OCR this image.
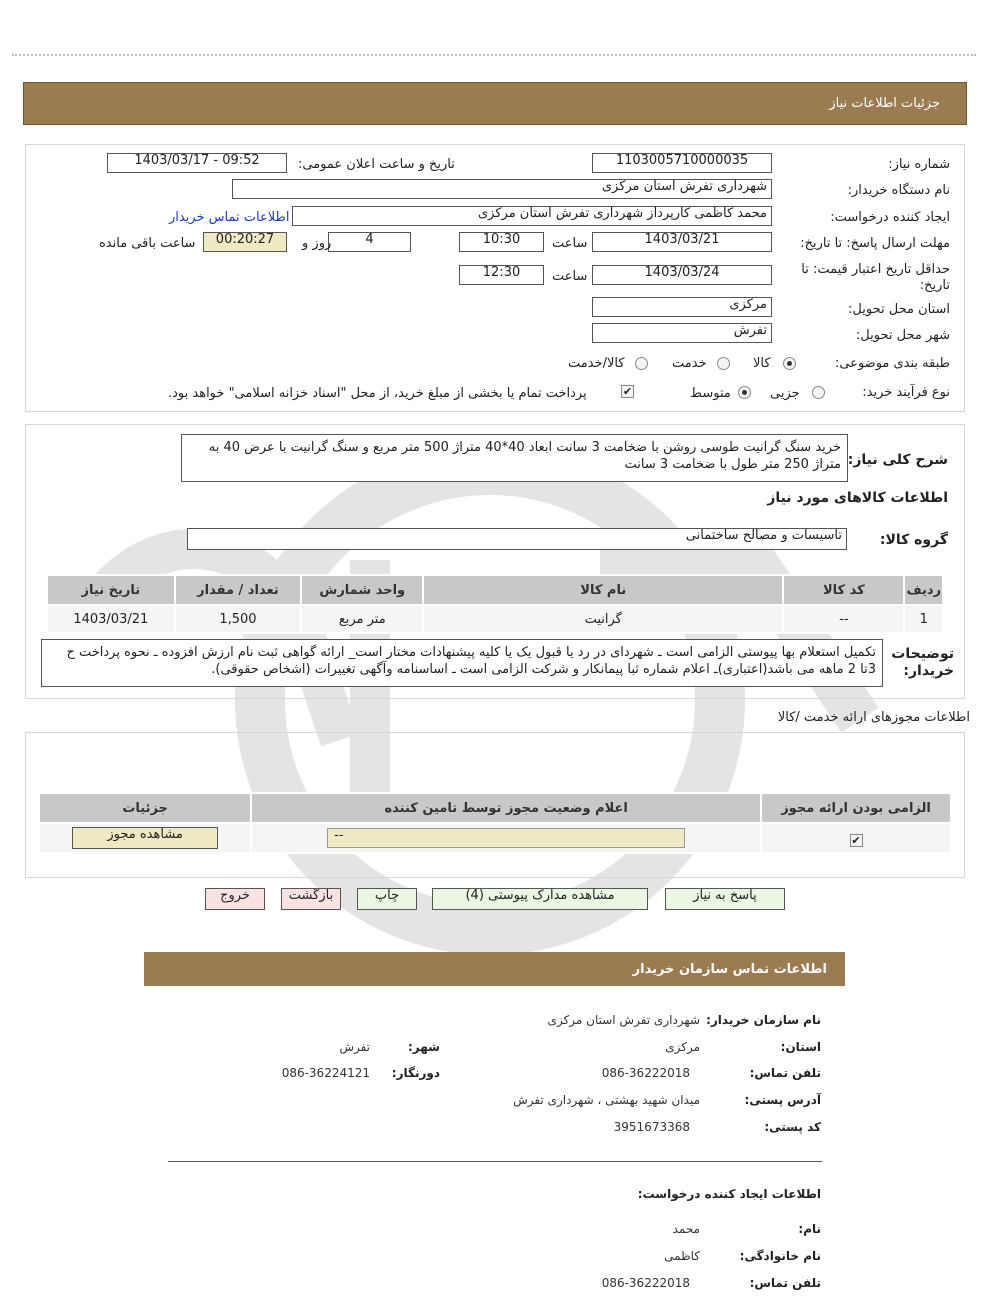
جزئیات اطلاعات نیاز
شماره نیاز:
1103005710000035
تاریخ و ساعت اعلان عمومی:
1403/03/17 - 09:52
نام دستگاه خریدار:
شهرداری تفرش استان مرکزی
ایجاد کننده درخواست:
محمد کاظمی کارپرداز شهرداری تفرش استان مرکزی
اطلاعات تماس خریدار
مهلت ارسال پاسخ: تا تاریخ:
1403/03/21
ساعت
10:30
4
روز و
00:20:27
ساعت باقی مانده
حداقل تاریخ اعتبار قیمت: تا تاریخ:
1403/03/24
ساعت
12:30
استان محل تحویل:
مرکزی
شهر محل تحویل:
تفرش
طبقه بندی موضوعی:
کالا
خدمت
کالا/خدمت
نوع فرآیند خرید:
جزیی
متوسط
✔
پرداخت تمام یا بخشی از مبلغ خرید، از محل "اسناد خزانه اسلامی" خواهد بود.
شرح کلی نیاز:
خرید سنگ گرانیت طوسی روشن با ضخامت 3 سانت ابعاد 40*40 متراژ 500 متر مربع و سنگ گرانیت با عرض 40 به متراژ 250 متر طول با ضخامت 3 سانت
اطلاعات کالاهای مورد نیاز
گروه کالا:
تاسیسات و مصالح ساختمانی
ردیف	کد کالا	نام کالا	واحد شمارش	تعداد / مقدار	تاریخ نیاز
1	--	گرانیت	متر مربع	1,500	1403/03/21
توضیحات خریدار:
تکمیل استعلام بها پیوستی الزامی است ـ شهردای در رد یا قبول یک یا کلیه پیشنهادات مختار است_ ارائه گواهی ثبت نام ارزش افزوده ـ نحوه پرداخت ح 3تا 2 ماهه می باشد(اعتباری)ـ اعلام شماره ثبا پیمانکار و شرکت الزامی است ـ اساسنامه وآگهی تغییرات (اشخاص حقوقی).
اطلاعات مجوزهای ارائه خدمت /کالا
الزامی بودن ارائه مجوز	اعلام وضعیت مجوز توسط تامین کننده	جزئیات
✔	--	مشاهده مجوز
پاسخ به نیاز
مشاهده مدارک پیوستی (4)
چاپ
بازگشت
خروج
اطلاعات تماس سازمان خریدار
نام سازمان خریدار:
شهرداری تفرش استان مرکزی
استان:
مرکزی
شهر:
تفرش
تلفن تماس:
086-36222018
دورنگار:
086-36224121
آدرس پستی:
میدان شهید بهشتی ، شهرداری تفرش
کد پستی:
3951673368
اطلاعات ایجاد کننده درخواست:
نام:
محمد
نام خانوادگی:
کاظمی
تلفن تماس:
086-36222018
